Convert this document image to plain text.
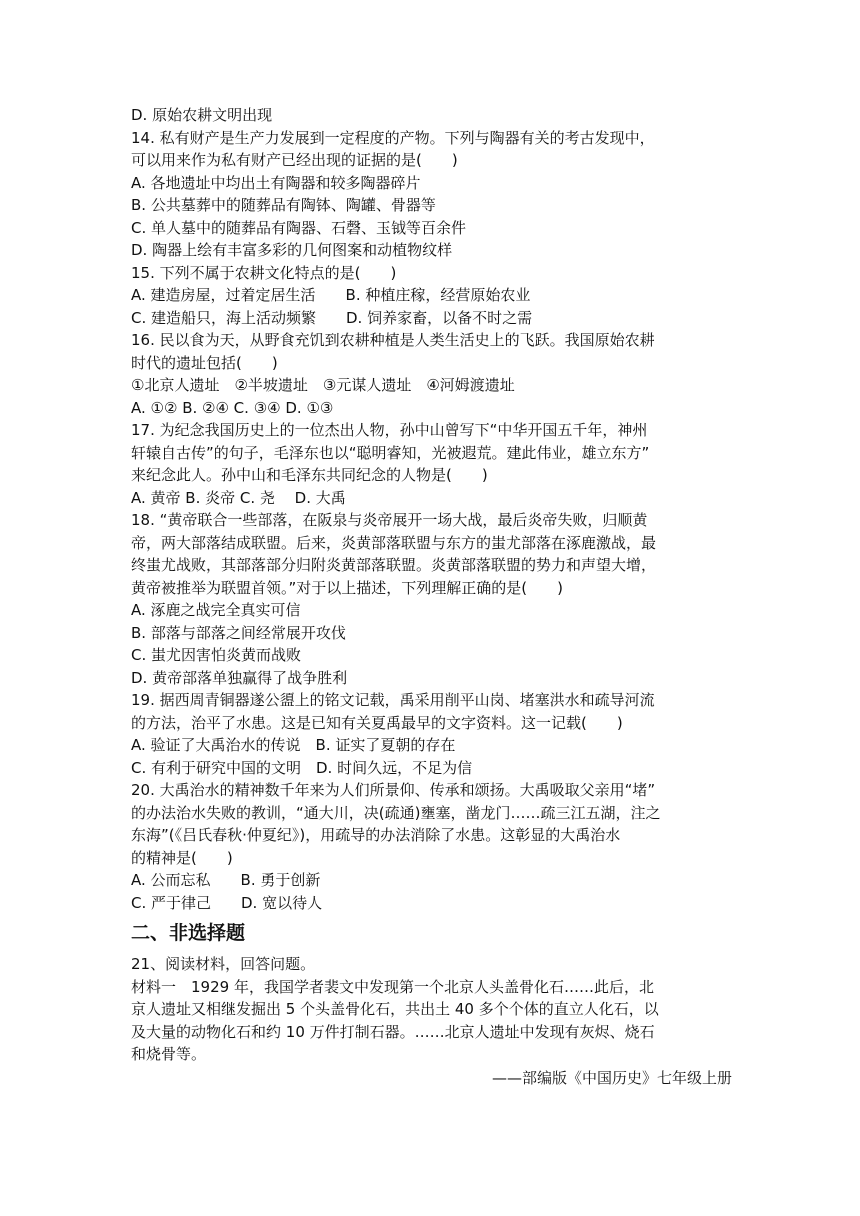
D. 原始农耕文明出现
14. 私有财产是生产力发展到一定程度的产物。下列与陶器有关的考古发现中，
可以用来作为私有财产已经出现的证据的是(　　)
A. 各地遗址中均出土有陶器和较多陶器碎片
B. 公共墓葬中的随葬品有陶钵、陶罐、骨器等
C. 单人墓中的随葬品有陶器、石磬、玉钺等百余件
D. 陶器上绘有丰富多彩的几何图案和动植物纹样
15. 下列不属于农耕文化特点的是(　　)
A. 建造房屋，过着定居生活　　B. 种植庄稼，经营原始农业
C. 建造船只，海上活动频繁　　D. 饲养家畜，以备不时之需
16. 民以食为天，从野食充饥到农耕种植是人类生活史上的飞跃。我国原始农耕
时代的遗址包括(　　)
①北京人遗址　②半坡遗址　③元谋人遗址　④河姆渡遗址
A. ①② B. ②④ C. ③④ D. ①③
17. 为纪念我国历史上的一位杰出人物，孙中山曾写下“中华开国五千年，神州
轩辕自古传”的句子，毛泽东也以“聪明睿知，光被遐荒。建此伟业，雄立东方”
来纪念此人。孙中山和毛泽东共同纪念的人物是(　　)
A. 黄帝 B. 炎帝 C. 尧　 D. 大禹
18. “黄帝联合一些部落，在阪泉与炎帝展开一场大战，最后炎帝失败，归顺黄
帝，两大部落结成联盟。后来，炎黄部落联盟与东方的蚩尤部落在涿鹿激战，最
终蚩尤战败，其部落部分归附炎黄部落联盟。炎黄部落联盟的势力和声望大增，
黄帝被推举为联盟首领。”对于以上描述，下列理解正确的是(　　)
A. 涿鹿之战完全真实可信
B. 部落与部落之间经常展开攻伐
C. 蚩尤因害怕炎黄而战败
D. 黄帝部落单独赢得了战争胜利
19. 据西周青铜器遂公盨上的铭文记载，禹采用削平山岗、堵塞洪水和疏导河流
的方法，治平了水患。这是已知有关夏禹最早的文字资料。这一记载(　　)
A. 验证了大禹治水的传说　B. 证实了夏朝的存在
C. 有利于研究中国的文明　D. 时间久远，不足为信
20. 大禹治水的精神数千年来为人们所景仰、传承和颂扬。大禹吸取父亲用“堵”
的办法治水失败的教训，“通大川，决(疏通)壅塞，凿龙门……疏三江五湖，注之
东海”(《吕氏春秋·仲夏纪》)，用疏导的办法消除了水患。这彰显的大禹治水
的精神是(　　)
A. 公而忘私　　B. 勇于创新
C. 严于律己　　D. 宽以待人
二、非选择题
21、阅读材料，回答问题。
材料一　1929 年，我国学者裴文中发现第一个北京人头盖骨化石……此后，北
京人遗址又相继发掘出 5 个头盖骨化石，共出土 40 多个个体的直立人化石，以
及大量的动物化石和约 10 万件打制石器。……北京人遗址中发现有灰烬、烧石
和烧骨等。
——部编版《中国历史》七年级上册
